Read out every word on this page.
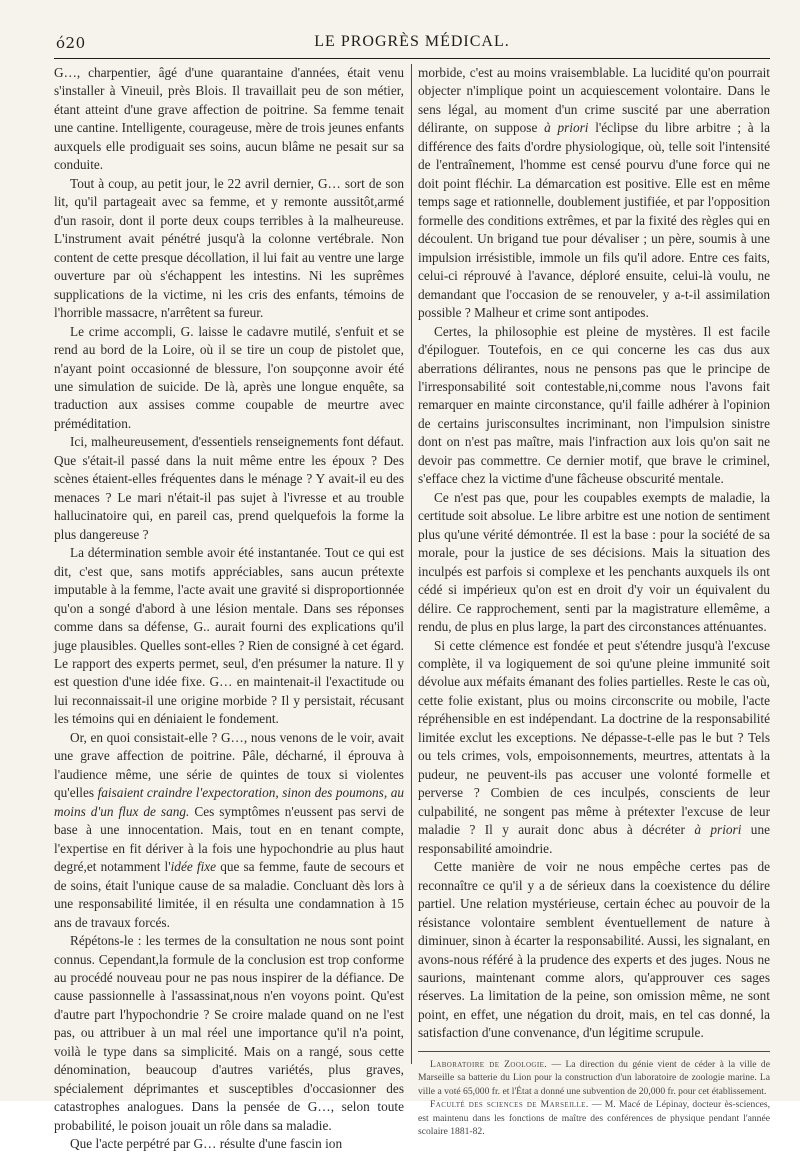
ó20	LE PROGRÈS MÉDICAL.

G…, charpentier, âgé d'une quarantaine d'années, était venu s'installer à Vineuil, près Blois. Il travaillait peu de son métier, étant atteint d'une grave affection de poitrine. Sa femme tenait une cantine. Intelligente, courageuse, mère de trois jeunes enfants auxquels elle prodiguait ses soins, aucun blâme ne pesait sur sa conduite.

Tout à coup, au petit jour, le 22 avril dernier, G… sort de son lit, qu'il partageait avec sa femme, et y remonte aussitôt,armé d'un rasoir, dont il porte deux coups terribles à la malheureuse. L'instrument avait pénétré jusqu'à la colonne vertébrale. Non content de cette presque décollation, il lui fait au ventre une large ouverture par où s'échappent les intestins. Ni les suprêmes supplications de la victime, ni les cris des enfants, témoins de l'horrible massacre, n'arrêtent sa fureur.

Le crime accompli, G. laisse le cadavre mutilé, s'enfuit et se rend au bord de la Loire, où il se tire un coup de pistolet que, n'ayant point occasionné de blessure, l'on soupçonne avoir été une simulation de suicide. De là, après une longue enquête, sa traduction aux assises comme coupable de meurtre avec préméditation.

Ici, malheureusement, d'essentiels renseignements font défaut. Que s'était-il passé dans la nuit même entre les époux ? Des scènes étaient-elles fréquentes dans le ménage ? Y avait-il eu des menaces ? Le mari n'était-il pas sujet à l'ivresse et au trouble hallucinatoire qui, en pareil cas, prend quelquefois la forme la plus dangereuse ?

La détermination semble avoir été instantanée. Tout ce qui est dit, c'est que, sans motifs appréciables, sans aucun prétexte imputable à la femme, l'acte avait une gravité si disproportionnée qu'on a songé d'abord à une lésion mentale. Dans ses réponses comme dans sa défense, G.. aurait fourni des explications qu'il juge plausibles. Quelles sont-elles ? Rien de consigné à cet égard. Le rapport des experts permet, seul, d'en présumer la nature. Il y est question d'une idée fixe. G… en maintenait-il l'exactitude ou lui reconnaissait-il une origine morbide ? Il y persistait, récusant les témoins qui en déniaient le fondement.

Or, en quoi consistait-elle ? G…, nous venons de le voir, avait une grave affection de poitrine. Pâle, décharné, il éprouva à l'audience même, une série de quintes de toux si violentes qu'elles faisaient craindre l'expectoration, sinon des poumons, au moins d'un flux de sang. Ces symptômes n'eussent pas servi de base à une innocentation. Mais, tout en en tenant compte, l'expertise en fit dériver à la fois une hypochondrie au plus haut degré,et notamment l'idée fixe que sa femme, faute de secours et de soins, était l'unique cause de sa maladie. Concluant dès lors à une responsabilité limitée, il en résulta une condamnation à 15 ans de travaux forcés.

Répétons-le : les termes de la consultation ne nous sont point connus. Cependant,la formule de la conclusion est trop conforme au procédé nouveau pour ne pas nous inspirer de la défiance. De cause passionnelle à l'assassinat,nous n'en voyons point. Qu'est d'autre part l'hypochondrie ? Se croire malade quand on ne l'est pas, ou attribuer à un mal réel une importance qu'il n'a point, voilà le type dans sa simplicité. Mais on a rangé, sous cette dénomination, beaucoup d'autres variétés, plus graves, spécialement déprimantes et susceptibles d'occasionner des catastrophes analogues. Dans la pensée de G…, selon toute probabilité, le poison jouait un rôle dans sa maladie.

Que l'acte perpétré par G… résulte d'une fascin ion

morbide, c'est au moins vraisemblable. La lucidité qu'on pourrait objecter n'implique point un acquiescement volontaire. Dans le sens légal, au moment d'un crime suscité par une aberration délirante, on suppose à priori l'éclipse du libre arbitre ; à la différence des faits d'ordre physiologique, où, telle soit l'intensité de l'entraînement, l'homme est censé pourvu d'une force qui ne doit point fléchir. La démarcation est positive. Elle est en même temps sage et rationnelle, doublement justifiée, et par l'opposition formelle des conditions extrêmes, et par la fixité des règles qui en découlent. Un brigand tue pour dévaliser ; un père, soumis à une impulsion irrésistible, immole un fils qu'il adore. Entre ces faits, celui-ci réprouvé à l'avance, déploré ensuite, celui-là voulu, ne demandant que l'occasion de se renouveler, y a-t-il assimilation possible ? Malheur et crime sont antipodes.

Certes, la philosophie est pleine de mystères. Il est facile d'épiloguer. Toutefois, en ce qui concerne les cas dus aux aberrations délirantes, nous ne pensons pas que le principe de l'irresponsabilité soit contestable,ni,comme nous l'avons fait remarquer en mainte circonstance, qu'il faille adhérer à l'opinion de certains jurisconsultes incriminant, non l'impulsion sinistre dont on n'est pas maître, mais l'infraction aux lois qu'on sait ne devoir pas commettre. Ce dernier motif, que brave le criminel, s'efface chez la victime d'une fâcheuse obscurité mentale.

Ce n'est pas que, pour les coupables exempts de maladie, la certitude soit absolue. Le libre arbitre est une notion de sentiment plus qu'une vérité démontrée. Il est la base : pour la société de sa morale, pour la justice de ses décisions. Mais la situation des inculpés est parfois si complexe et les penchants auxquels ils ont cédé si impérieux qu'on est en droit d'y voir un équivalent du délire. Ce rapprochement, senti par la magistrature ellemême, a rendu, de plus en plus large, la part des circonstances atténuantes.

Si cette clémence est fondée et peut s'étendre jusqu'à l'excuse complète, il va logiquement de soi qu'une pleine immunité soit dévolue aux méfaits émanant des folies partielles. Reste le cas où, cette folie existant, plus ou moins circonscrite ou mobile, l'acte répréhensible en est indépendant. La doctrine de la responsabilité limitée exclut les exceptions. Ne dépasse-t-elle pas le but ? Tels ou tels crimes, vols, empoisonnements, meurtres, attentats à la pudeur, ne peuvent-ils pas accuser une volonté formelle et perverse ? Combien de ces inculpés, conscients de leur culpabilité, ne songent pas même à prétexter l'excuse de leur maladie ? Il y aurait donc abus à décréter à priori une responsabilité amoindrie.

Cette manière de voir ne nous empêche certes pas de reconnaître ce qu'il y a de sérieux dans la coexistence du délire partiel. Une relation mystérieuse, certain échec au pouvoir de la résistance volontaire semblent éventuellement de nature à diminuer, sinon à écarter la responsabilité. Aussi, les signalant, en avons-nous référé à la prudence des experts et des juges. Nous ne saurions, maintenant comme alors, qu'approuver ces sages réserves. La limitation de la peine, son omission même, ne sont point, en effet, une négation du droit, mais, en tel cas donné, la satisfaction d'une convenance, d'un légitime scrupule.

Laboratoire de Zoologie. — La direction du génie vient de céder à la ville de Marseille sa batterie du Lion pour la construction d'un laboratoire de zoologie marine. La ville a voté 65,000 fr. et l'État a donné une subvention de 20,000 fr. pour cet établissement.

Faculté des sciences de Marseille. — M. Macé de Lépinay, docteur ès-sciences, est maintenu dans les fonctions de maître des conférences de physique pendant l'année scolaire 1881-82.
